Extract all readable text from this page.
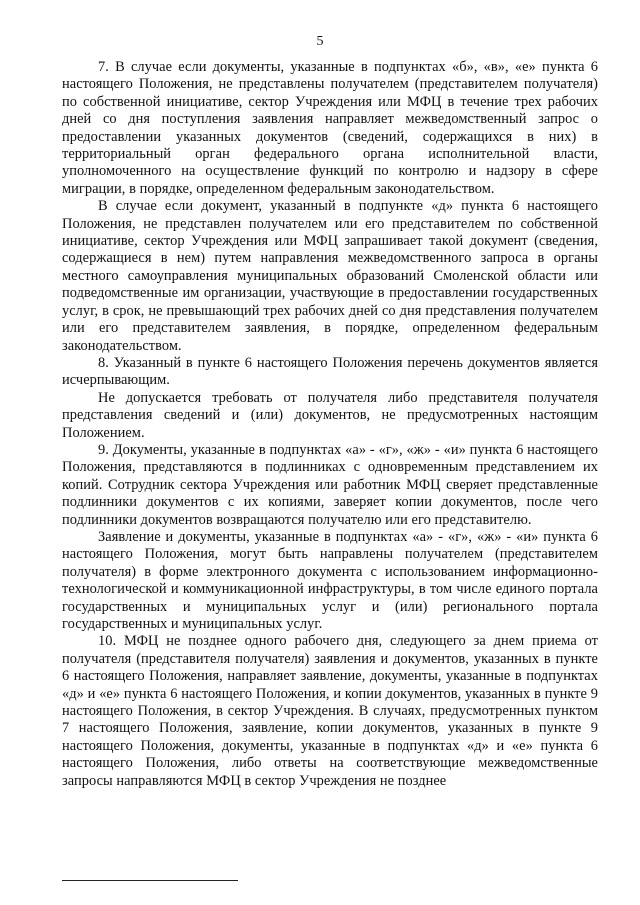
5

7. В случае если документы, указанные в подпунктах «б», «в», «е» пункта 6 настоящего Положения, не представлены получателем (представителем получателя) по собственной инициативе, сектор Учреждения или МФЦ в течение трех рабочих дней со дня поступления заявления направляет межведомственный запрос о предоставлении указанных документов (сведений, содержащихся в них) в территориальный орган федерального органа исполнительной власти, уполномоченного на осуществление функций по контролю и надзору в сфере миграции, в порядке, определенном федеральным законодательством.

В случае если документ, указанный в подпункте «д» пункта 6 настоящего Положения, не представлен получателем или его представителем по собственной инициативе, сектор Учреждения или МФЦ запрашивает такой документ (сведения, содержащиеся в нем) путем направления межведомственного запроса в органы местного самоуправления муниципальных образований Смоленской области или подведомственные им организации, участвующие в предоставлении государственных услуг, в срок, не превышающий трех рабочих дней со дня представления получателем или его представителем заявления, в порядке, определенном федеральным законодательством.

8. Указанный в пункте 6 настоящего Положения перечень документов является исчерпывающим.

Не допускается требовать от получателя либо представителя получателя представления сведений и (или) документов, не предусмотренных настоящим Положением.

9. Документы, указанные в подпунктах «а» - «г», «ж» - «и» пункта 6 настоящего Положения, представляются в подлинниках с одновременным представлением их копий. Сотрудник сектора Учреждения или работник МФЦ сверяет представленные подлинники документов с их копиями, заверяет копии документов, после чего подлинники документов возвращаются получателю или его представителю.

Заявление и документы, указанные в подпунктах «а» - «г», «ж» - «и» пункта 6 настоящего Положения, могут быть направлены получателем (представителем получателя) в форме электронного документа с использованием информационно-технологической и коммуникационной инфраструктуры, в том числе единого портала государственных и муниципальных услуг и (или) регионального портала государственных и муниципальных услуг.

10. МФЦ не позднее одного рабочего дня, следующего за днем приема от получателя (представителя получателя) заявления и документов, указанных в пункте 6 настоящего Положения, направляет заявление, документы, указанные в подпунктах «д» и «е» пункта 6 настоящего Положения, и копии документов, указанных в пункте 9 настоящего Положения, в сектор Учреждения. В случаях, предусмотренных пунктом 7 настоящего Положения, заявление, копии документов, указанных в пункте 9 настоящего Положения, документы, указанные в подпунктах «д» и «е» пункта 6 настоящего Положения, либо ответы на соответствующие межведомственные запросы направляются МФЦ в сектор Учреждения не позднее
